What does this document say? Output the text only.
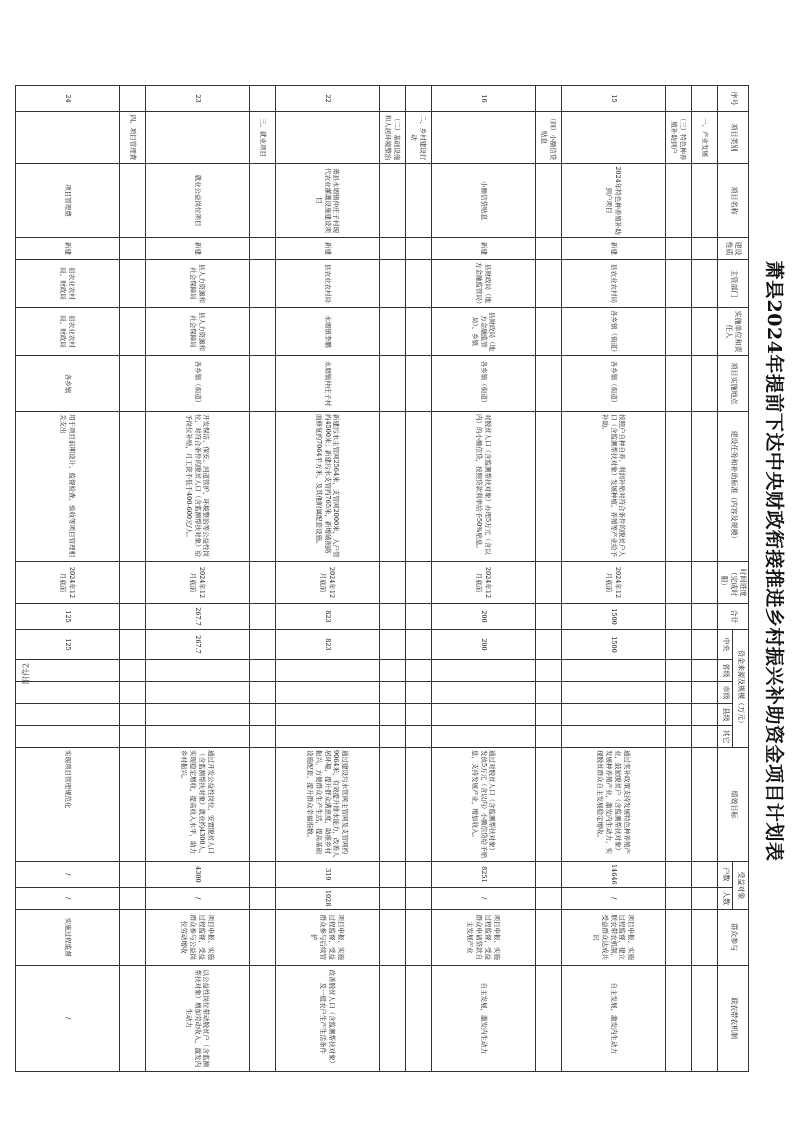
附件2	萧县2024年提前下达中央财政衔接推进乡村振兴补助资金项目计划表
序号	项目类别	项目名称	建设性质	主管部门	实施单位和责任人	项目实施地点	建设任务和补助标准（内容及规模）	时间进度（完成时限）	合计	资金来源及规模（万元）					绩效目标	受益对象		群众参与	联农带农机制
										中央	省级	市级	县级	其它		户数	人数		
	一、产业发展																		
	（三）特色种养殖补助到户																		
15		2024年特色种养殖补助到户项目	新建	县农业农村局	各乡镇（街道）	各乡镇（街道）	按照户自种自养、利润补贴对符合条件的脱贫户人口（含监测帮扶对象）发展种植、养殖等产业给予补助。	2024年12月底前	1500	1500					通过奖补政策支持发展特色种养殖产业，鼓励脱贫户（含监测帮扶对象）发展种养殖产业，激发内生动力，实现脱贫群众自主发展稳定增收。	14646	/	项目申报、实施过程监督，建立联农带农机制，受益群众达成共识	自主发展，激发内生动力
	（四）小额信贷贴息																		
16		小额信贷贴息	新建	县财政局（地方金融监管局）	县财政局（地方金融监管局）、乡镇	各乡镇（街道）	对脱贫人口（含监测帮扶对象）办理5万元（含以内）的小额信贷，按照贷款利率给予50%贴息。	2024年12月底前	200	200					通过对脱贫人口（含监测帮扶对象）发放5万元（含以内）小额信贷给予贴息，支持发展产业，增加收入。	8251	/	项目申报、实施过程监督，受益群众申请贷款自主发展产业	自主发展，激发内生动力
	二、乡村建设行动																		
	（二）基础设施和人居环境整治																		
22		萧县永堌镇仲庄子村现代农业灌溉设施建设项目	新建	县农业农村局	永堌镇李鹏	永堌镇仲庄子村	新建污水主管网2564米，支管网2000米，入户管约4500米；新建污水支管约765米，新增破损路面修复约7064平方米，及其他附属配套设施。	2024年12月底前	823	823					通过建设污水管网主管网及支管网约9064米，有效提升排水能力，改善人居环境，提升群众满意度，助推乡村振兴，方便群众生产生活，提高基础设施配套，提升群众幸福指数。	319	1028	项目申报、实施过程监督，受益群众参与后续管护	改善脱贫人口（含监测帮扶对象）及一般农户生产生活条件
	三、就业项目																		
23		就业公益岗位项目	新建	县人力资源和社会保障局	县人力资源和社会保障局	各乡镇（街道）	开发保洁、保安、河道管护、环境整治等公益性岗位，对符合条件的脱贫人口（含监测帮扶对象）给予岗位补贴，月工资不低于400-600元/人。	2024年12月底前	267.7	267.7					通过开发公益性岗位，安置脱贫人口（含监测帮扶对象）就业约4300人，实现稳定增收，提高收入水平，助力乡村振兴。	4300	/	项目申报、实施过程监督，受益群众参与公益岗位劳动增收	以公益性岗位带动脱贫户（含监测帮扶对象）增加劳动收入，激发内生动力
	四、项目管理费																		
24		项目管理费	新建	县农业农村局、财政局	县农业农村局、财政局	各乡镇	用于项目前期设计、监督检查、验收等项目管理相关支出	2024年12月底前	125	125					实现项目管理规范化	/	/	实施过程监督	/
